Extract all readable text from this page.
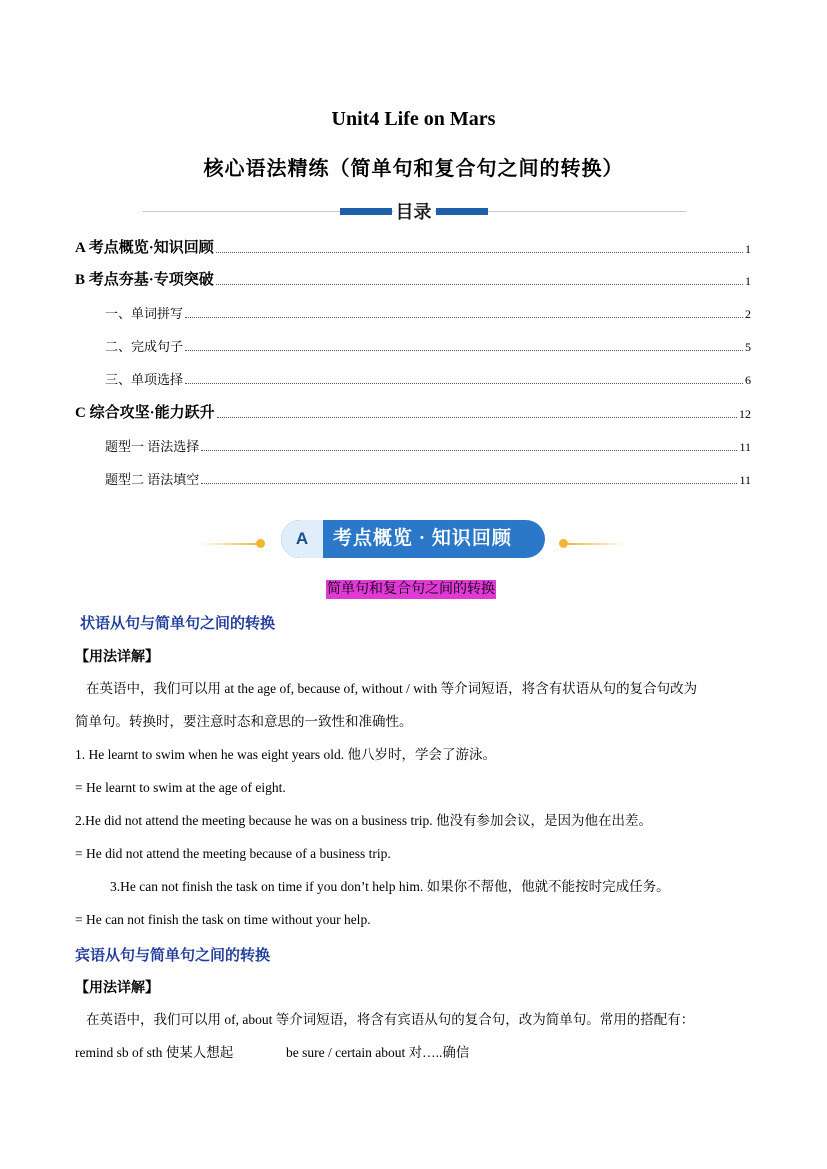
Unit4 Life on Mars
核心语法精练（简单句和复合句之间的转换）
目录
A 考点概览·知识回顾	1
B 考点夯基·专项突破	1
一、单词拼写	2
二、完成句子	5
三、单项选择	6
C 综合攻坚·能力跃升	12
题型一 语法选择	11
题型二 语法填空	11
A	考点概览 · 知识回顾
简单句和复合句之间的转换
状语从句与简单句之间的转换
【用法详解】
在英语中，我们可以用 at the age of, because of, without / with 等介词短语，将含有状语从句的复合句改为
简单句。转换时，要注意时态和意思的一致性和准确性。
1. He learnt to swim when he was eight years old. 他八岁时，学会了游泳。
= He learnt to swim at the age of eight.
2.He did not attend the meeting because he was on a business trip. 他没有参加会议，是因为他在出差。
= He did not attend the meeting because of a business trip.
3.He can not finish the task on time if you don’t help him. 如果你不帮他，他就不能按时完成任务。
= He can not finish the task on time without your help.
宾语从句与简单句之间的转换
【用法详解】
在英语中，我们可以用 of, about 等介词短语，将含有宾语从句的复合句，改为简单句。常用的搭配有：
remind sb of sth 使某人想起	be sure / certain about 对…..确信
